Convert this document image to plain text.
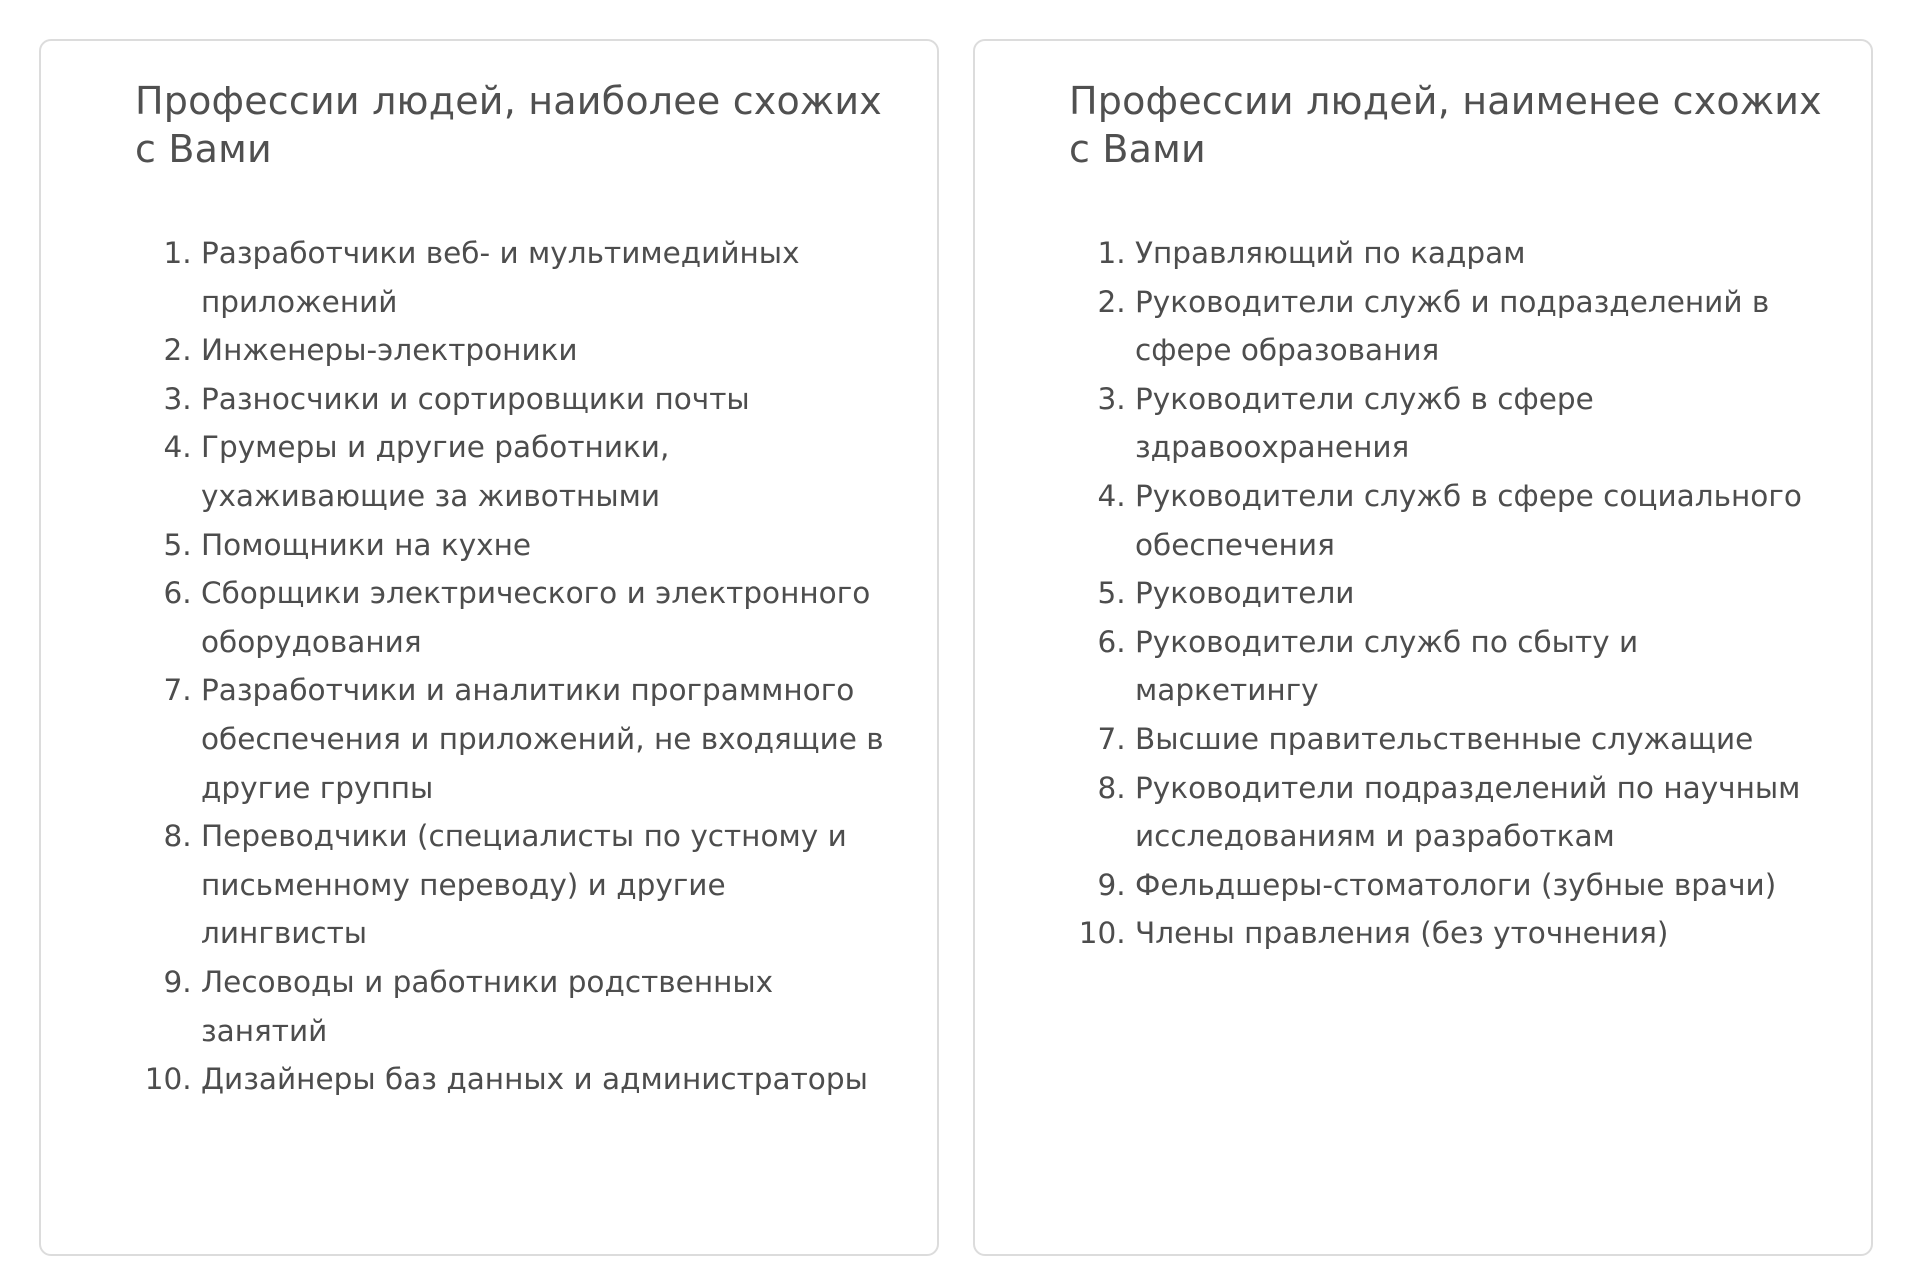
Профессии людей, наиболее схожих с Вами
1. Разработчики веб- и мультимедийных приложений
2. Инженеры-электроники
3. Разносчики и сортировщики почты
4. Грумеры и другие работники, ухаживающие за животными
5. Помощники на кухне
6. Сборщики электрического и электронного оборудования
7. Разработчики и аналитики программного обеспечения и приложений, не входящие в другие группы
8. Переводчики (специалисты по устному и письменному переводу) и другие лингвисты
9. Лесоводы и работники родственных занятий
10. Дизайнеры баз данных и администраторы
Профессии людей, наименее схожих с Вами
1. Управляющий по кадрам
2. Руководители служб и подразделений в сфере образования
3. Руководители служб в сфере здравоохранения
4. Руководители служб в сфере социального обеспечения
5. Руководители
6. Руководители служб по сбыту и маркетингу
7. Высшие правительственные служащие
8. Руководители подразделений по научным исследованиям и разработкам
9. Фельдшеры-стоматологи (зубные врачи)
10. Члены правления (без уточнения)
